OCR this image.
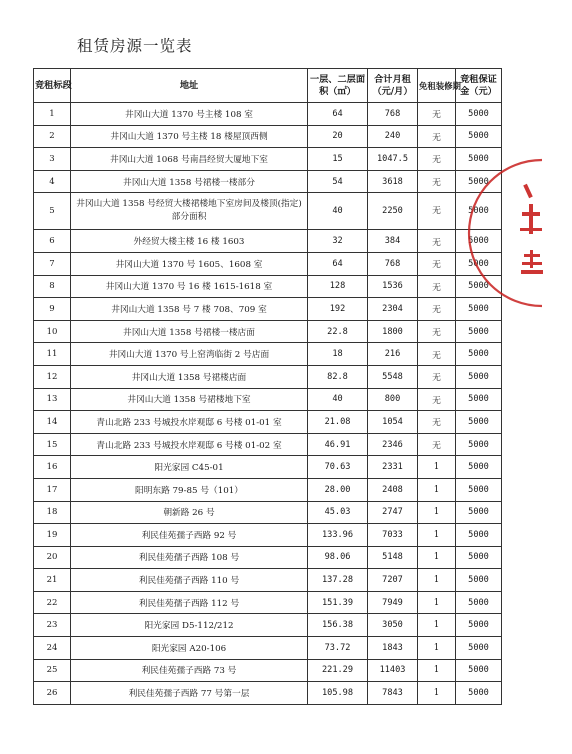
租赁房源一览表
竞租标段	地址	一层、二层面积（㎡）	合计月租（元/月）	免租装修期	竞租保证金（元）
1	井冈山大道 1370 号主楼 108 室	64	768	无	5000
2	井冈山大道 1370 号主楼 18 楼屋顶西侧	20	240	无	5000
3	井冈山大道 1068 号南昌经贸大厦地下室	15	1047.5	无	5000
4	井冈山大道 1358 号裙楼一楼部分	54	3618	无	5000
5	井冈山大道 1358 号经贸大楼裙楼地下室房间及楼顶(指定)部分面积	40	2250	无	5000
6	外经贸大楼主楼 16 楼 1603	32	384	无	5000
7	井冈山大道 1370 号 1605、1608 室	64	768	无	5000
8	井冈山大道 1370 号 16 楼 1615-1618 室	128	1536	无	5000
9	井冈山大道 1358 号 7 楼 708、709 室	192	2304	无	5000
10	井冈山大道 1358 号裙楼一楼店面	22.8	1800	无	5000
11	井冈山大道 1370 号上窑湾临街 2 号店面	18	216	无	5000
12	井冈山大道 1358 号裙楼店面	82.8	5548	无	5000
13	井冈山大道 1358 号裙楼地下室	40	800	无	5000
14	青山北路 233 号城投水岸观邸 6 号楼 01-01 室	21.08	1054	无	5000
15	青山北路 233 号城投水岸观邸 6 号楼 01-02 室	46.91	2346	无	5000
16	阳光家园 C45-01	70.63	2331	1	5000
17	阳明东路 79-85 号（101）	28.00	2408	1	5000
18	朝新路 26 号	45.03	2747	1	5000
19	利民佳苑孺子西路 92 号	133.96	7033	1	5000
20	利民佳苑孺子西路 108 号	98.06	5148	1	5000
21	利民佳苑孺子西路 110 号	137.28	7207	1	5000
22	利民佳苑孺子西路 112 号	151.39	7949	1	5000
23	阳光家园 D5-112/212	156.38	3050	1	5000
24	阳光家园 A20-106	73.72	1843	1	5000
25	利民佳苑孺子西路 73 号	221.29	11403	1	5000
26	利民佳苑孺子西路 77 号第一层	105.98	7843	1	5000
